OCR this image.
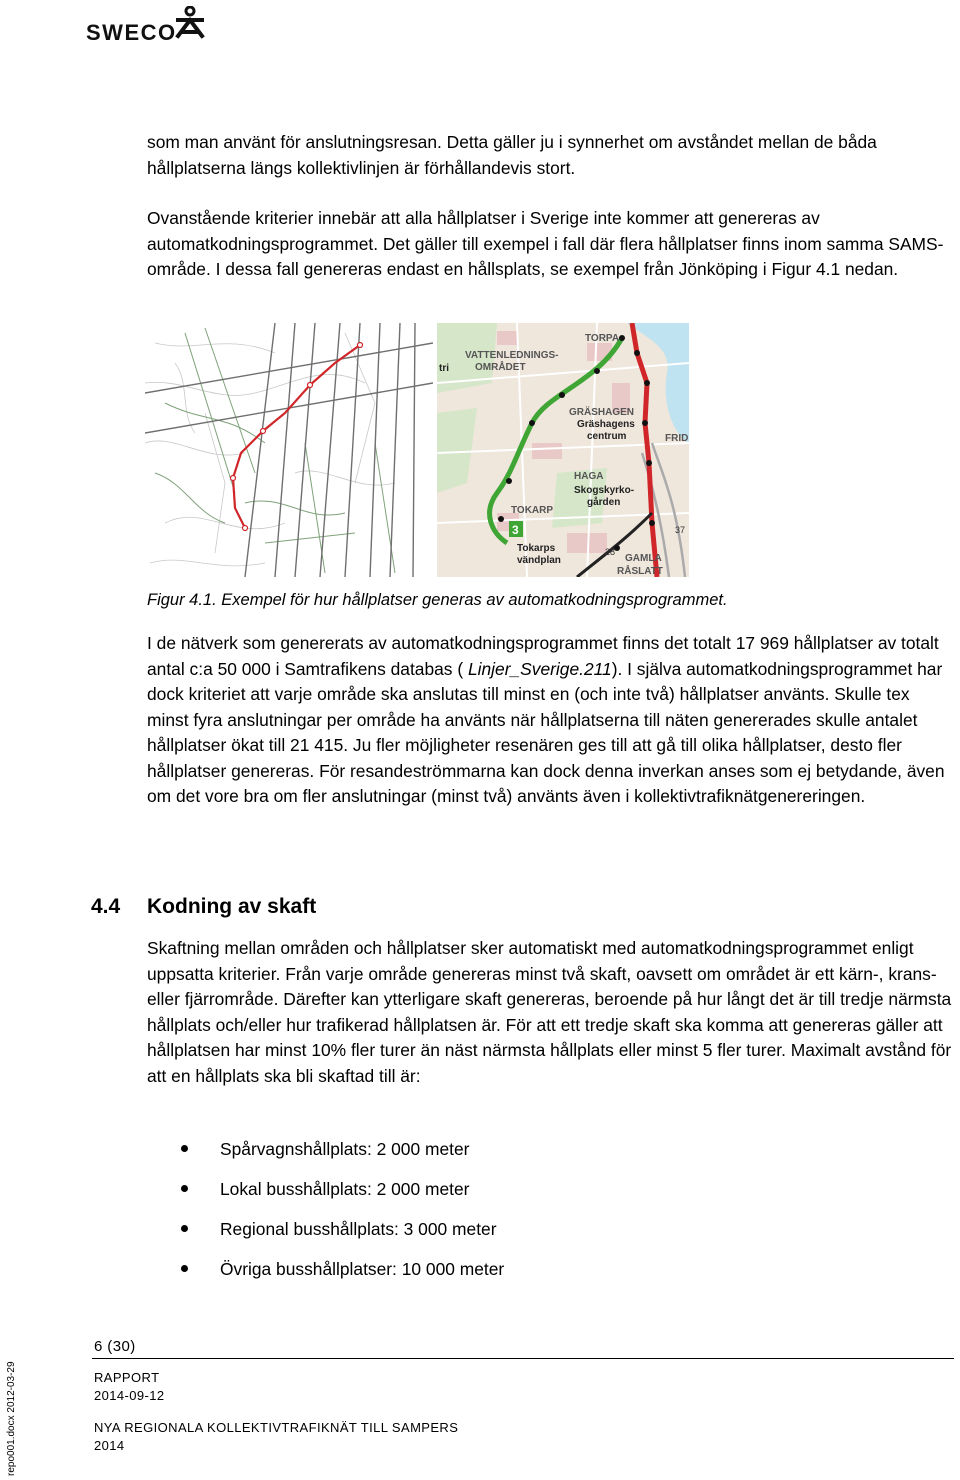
SWECO

som man använt för anslutningsresan. Detta gäller ju i synnerhet om avståndet mellan de båda hållplatserna längs kollektivlinjen är förhållandevis stort.

Ovanstående kriterier innebär att alla hållplatser i Sverige inte kommer att genereras av automatkodningsprogrammet. Det gäller till exempel i fall där flera hållplatser finns inom samma SAMS-område. I dessa fall genereras endast en hållsplats, se exempel från Jönköping i Figur 4.1 nedan.

VATTENLEDNINGS-
OMRÅDET
TORPA
tri
GRÄSHAGEN
Gräshagens
centrum	FRID
HAGA
Skogskyrko-
gården
TOKARP
Tokarps
vändplan	GAMLA
RÅSLATT
3
28
37
Figur 4.1. Exempel för hur hållplatser generas av automatkodningsprogrammet.

I de nätverk som genererats av automatkodningsprogrammet finns det totalt 17 969 hållplatser av totalt antal c:a 50 000 i Samtrafikens databas ( Linjer_Sverige.211). I själva automatkodningsprogrammet har dock kriteriet att varje område ska anslutas till minst en (och inte två) hållplatser använts. Skulle tex minst fyra anslutningar per område ha använts när hållplatserna till näten genererades skulle antalet hållplatser ökat till 21 415. Ju fler möjligheter resenären ges till att gå till olika hållplatser, desto fler hållplatser genereras. För resandeströmmarna kan dock denna inverkan anses som ej betydande, även om det vore bra om fler anslutningar (minst två) använts även i kollektivtrafiknätgenereringen.

4.4 Kodning av skaft

Skaftning mellan områden och hållplatser sker automatiskt med automatkodningsprogrammet enligt uppsatta kriterier. Från varje område genereras minst två skaft, oavsett om området är ett kärn-, krans- eller fjärrområde. Därefter kan ytterligare skaft genereras, beroende på hur långt det är till tredje närmsta hållplats och/eller hur trafikerad hållplatsen är. För att ett tredje skaft ska komma att genereras gäller att hållplatsen har minst 10% fler turer än näst närmsta hållplats eller minst 5 fler turer. Maximalt avstånd för att en hållplats ska bli skaftad till är:

Spårvagnshållplats: 2 000 meter
Lokal busshållplats: 2 000 meter
Regional busshållplats: 3 000 meter
Övriga busshållplatser: 10 000 meter
6 (30)
RAPPORT
2014-09-12
NYA REGIONALA KOLLEKTIVTRAFIKNÄT TILL SAMPERS
2014
repo001.docx 2012-03-29
